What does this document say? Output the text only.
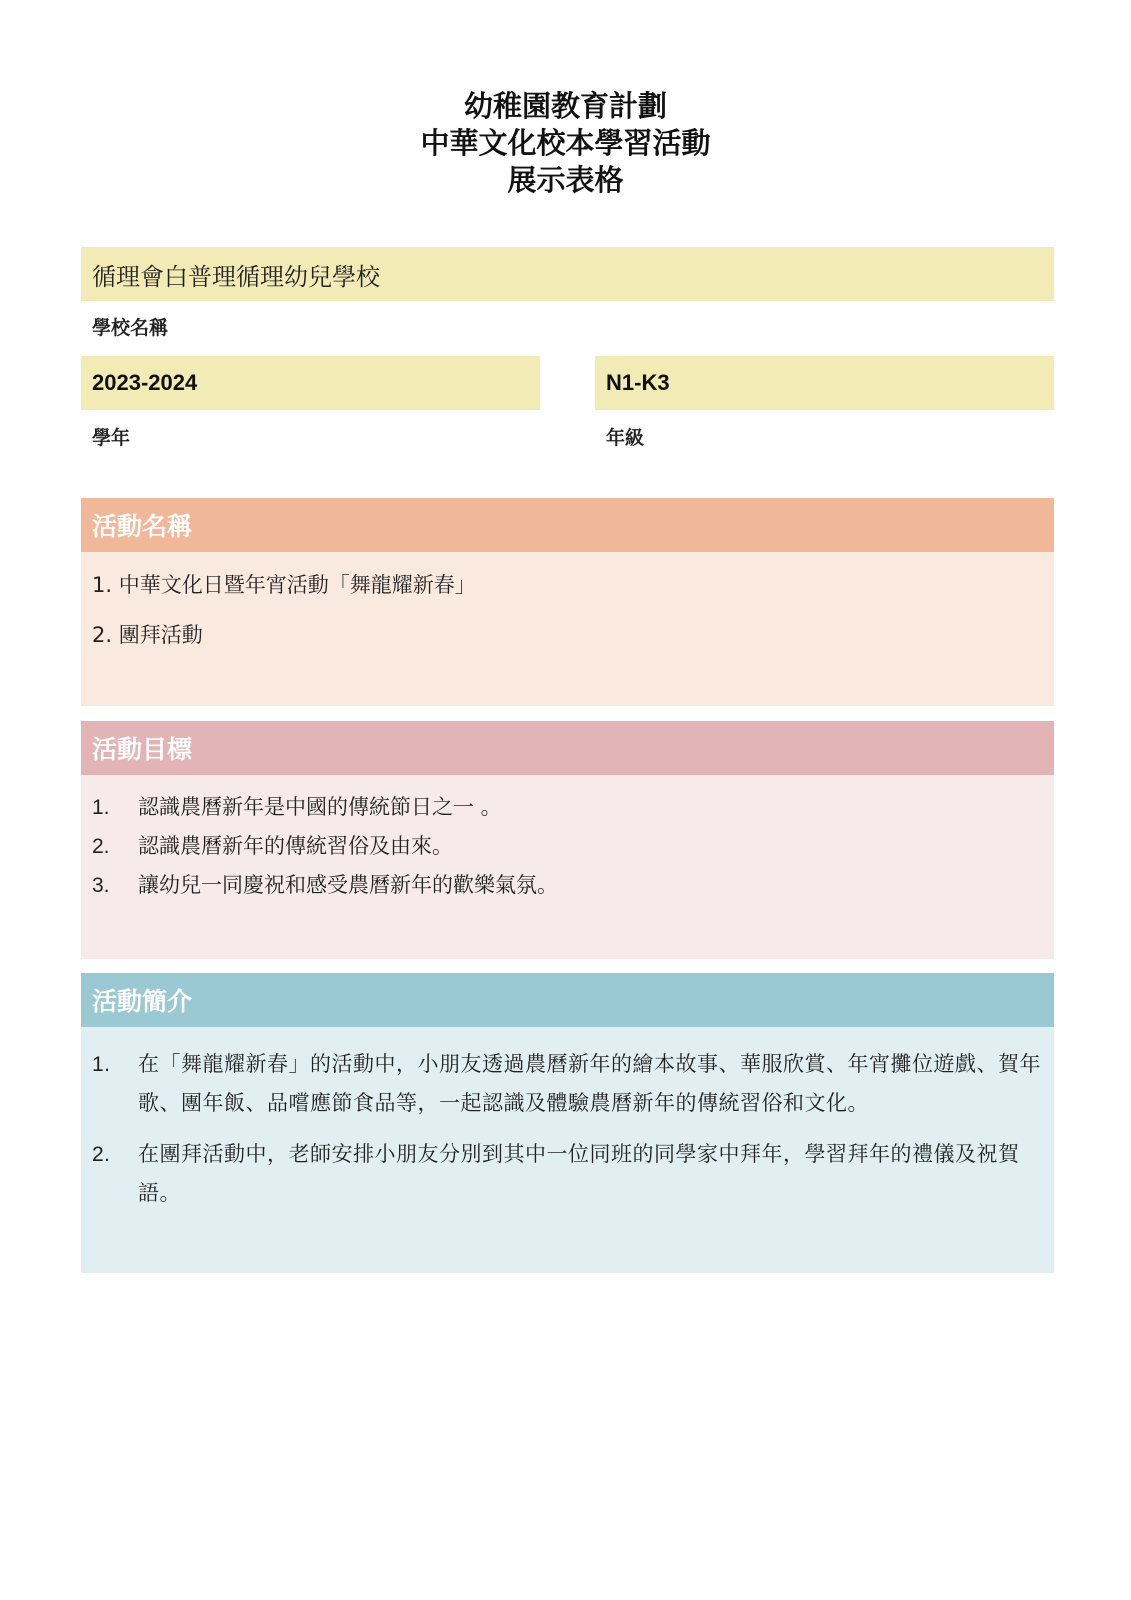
幼稚園教育計劃
中華文化校本學習活動
展示表格
循理會白普理循理幼兒學校
學校名稱
2023-2024
學年
N1-K3
年級
活動名稱
1. 中華文化日暨年宵活動「舞龍耀新春」
2. 團拜活動
活動目標
1.	認識農曆新年是中國的傳統節日之一 。
2.	認識農曆新年的傳統習俗及由來。
3.	讓幼兒一同慶祝和感受農曆新年的歡樂氣氛。
活動簡介
1.	在「舞龍耀新春」的活動中，小朋友透過農曆新年的繪本故事、華服欣賞、年宵攤位遊戲、賀年歌、團年飯、品嚐應節食品等，一起認識及體驗農曆新年的傳統習俗和文化。
2.	在團拜活動中，老師安排小朋友分別到其中一位同班的同學家中拜年，學習拜年的禮儀及祝賀語。
